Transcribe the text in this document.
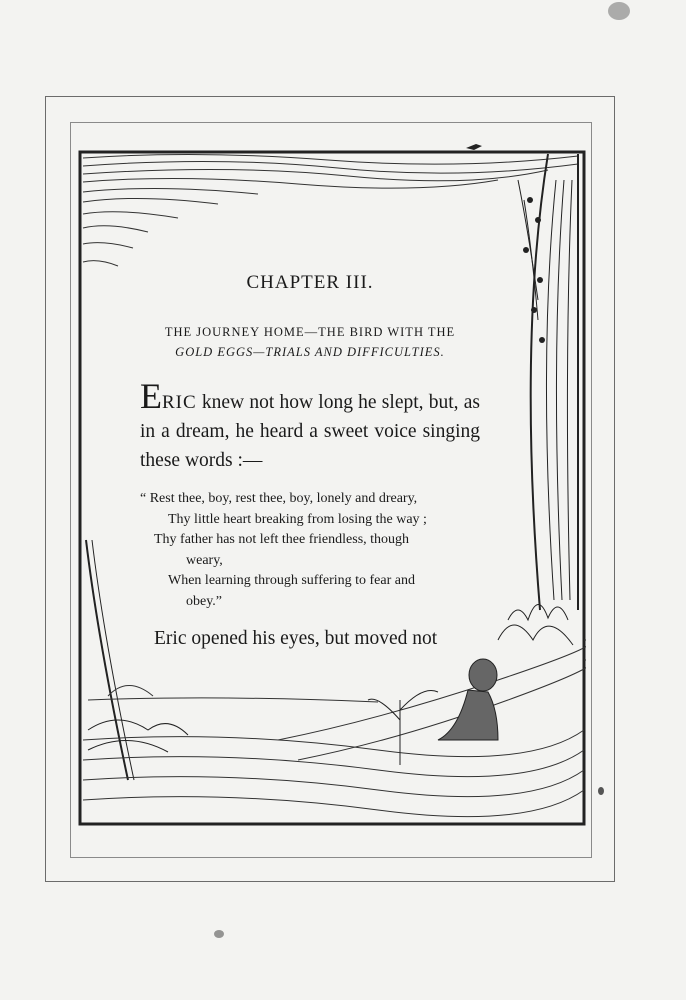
CHAPTER III.
THE JOURNEY HOME—THE BIRD WITH THE
GOLD EGGS—TRIALS AND DIFFICULTIES.

ERIC knew not how long he slept, but, as in a dream, he heard a sweet voice singing these words :—

“ Rest thee, boy, rest thee, boy, lonely and dreary,
Thy little heart breaking from losing the way ;
Thy father has not left thee friendless, though
weary,
When learning through suffering to fear and
obey.”
Eric opened his eyes, but moved not
